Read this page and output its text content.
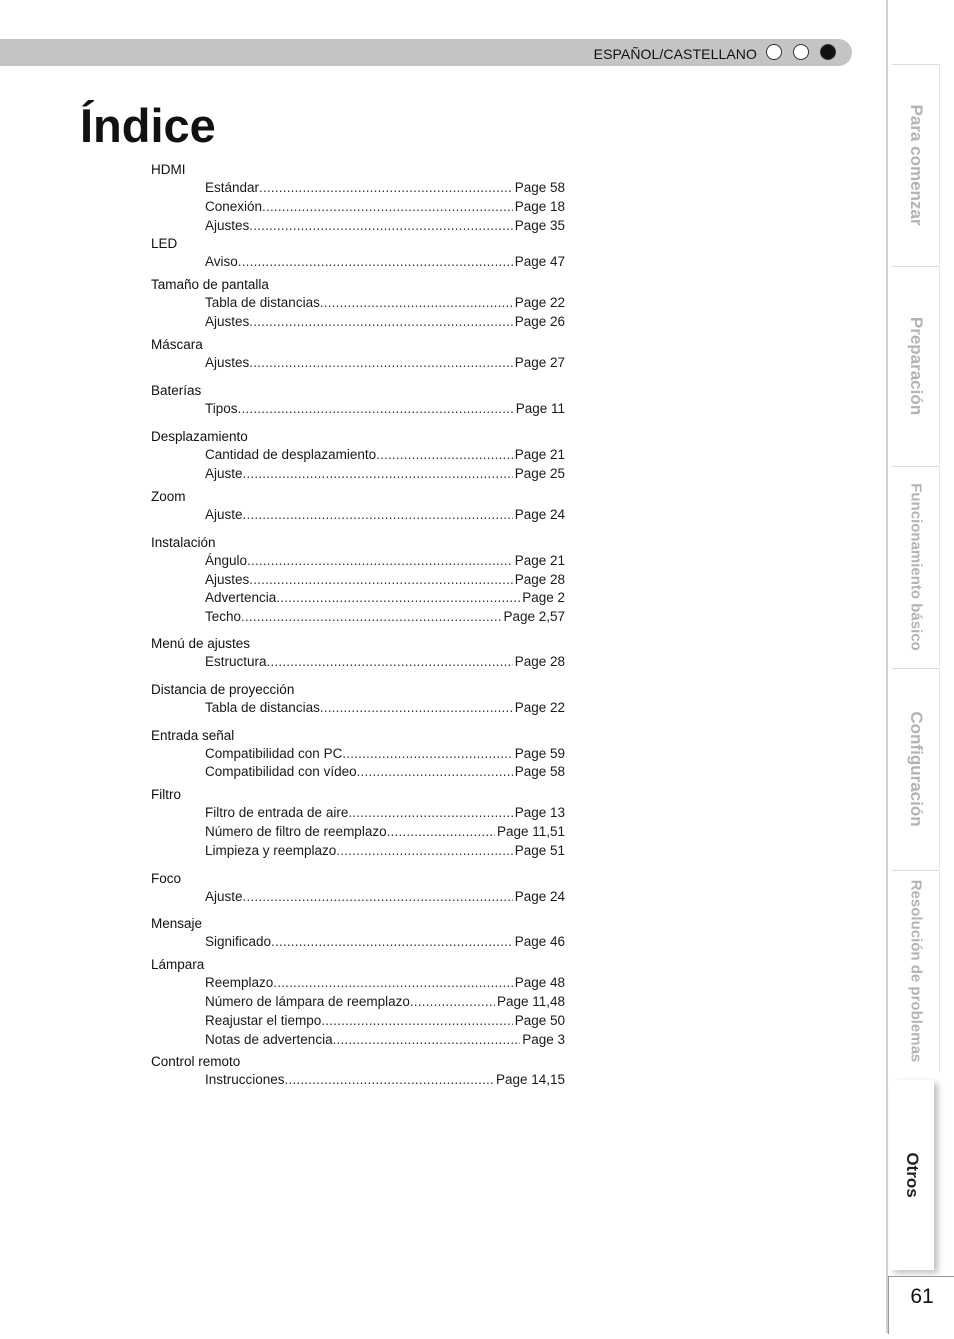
ESPAÑOL/CASTELLANO
Índice
HDMI
Estándar .....	Page 58
Conexión .....	Page 18
Ajustes .....	Page 35
LED
Aviso .....	Page 47
Tamaño de pantalla
Tabla de distancias .....	Page 22
Ajustes .....	Page 26
Máscara
Ajustes .....	Page 27
Baterías
Tipos .....	Page 11
Desplazamiento
Cantidad de desplazamiento .....	Page 21
Ajuste .....	Page 25
Zoom
Ajuste .....	Page 24
Instalación
Ángulo .....	Page 21
Ajustes .....	Page 28
Advertencia .....	Page 2
Techo .....	Page 2,57
Menú de ajustes
Estructura .....	Page 28
Distancia de proyección
Tabla de distancias .....	Page 22
Entrada señal
Compatibilidad con PC .....	Page 59
Compatibilidad con vídeo .....	Page 58
Filtro
Filtro de entrada de aire .....	Page 13
Número de filtro de reemplazo .....	Page 11,51
Limpieza y reemplazo .....	Page 51
Foco
Ajuste .....	Page 24
Mensaje
Significado .....	Page 46
Lámpara
Reemplazo .....	Page 48
Número de lámpara de reemplazo .....	Page 11,48
Reajustar el tiempo .....	Page 50
Notas de advertencia .....	Page 3
Control remoto
Instrucciones .....	Page 14,15
Para comenzar
Preparación
Funcionamiento básico
Configuración
Resolución de problemas
Otros
61
